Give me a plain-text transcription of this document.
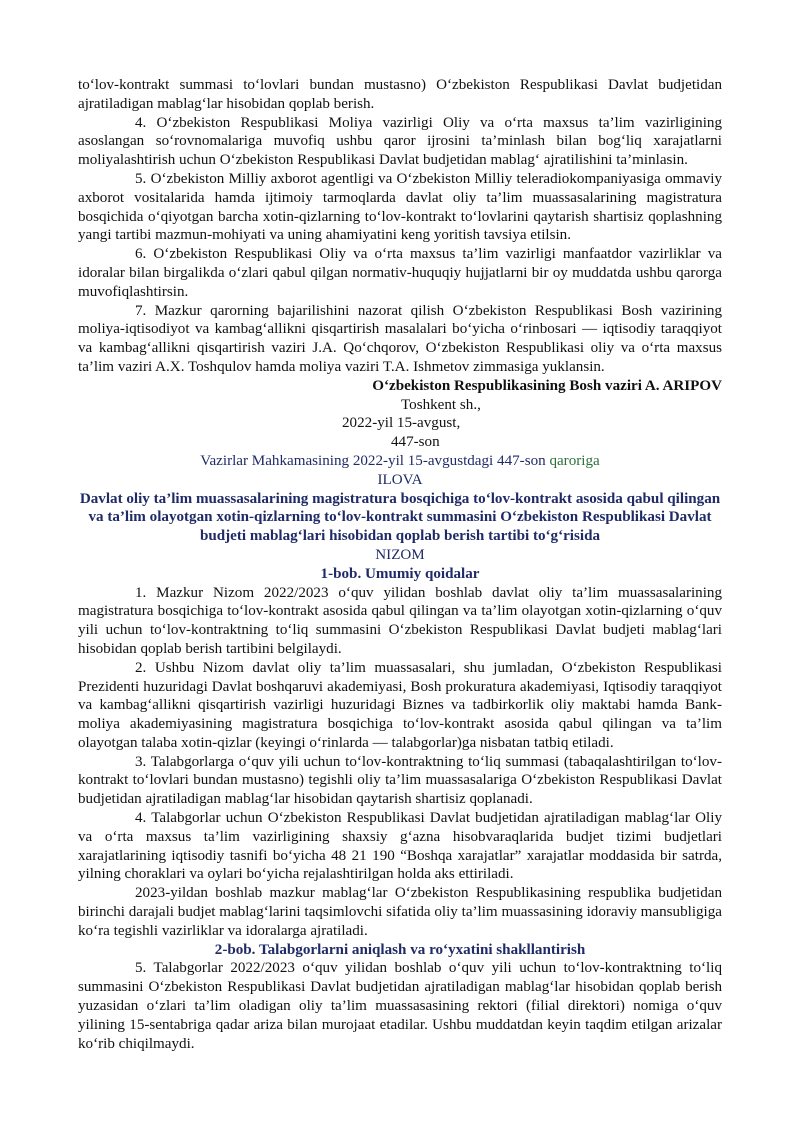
to‘lov-kontrakt summasi to‘lovlari bundan mustasno) O‘zbekiston Respublikasi Davlat budjetidan ajratiladigan mablag‘lar hisobidan qoplab berish.

4. O‘zbekiston Respublikasi Moliya vazirligi Oliy va o‘rta maxsus ta’lim vazirligining asoslangan so‘rovnomalariga muvofiq ushbu qaror ijrosini ta’minlash bilan bog‘liq xarajatlarni moliyalashtirish uchun O‘zbekiston Respublikasi Davlat budjetidan mablag‘ ajratilishini ta’minlasin.

5. O‘zbekiston Milliy axborot agentligi va O‘zbekiston Milliy teleradiokompaniyasiga ommaviy axborot vositalarida hamda ijtimoiy tarmoqlarda davlat oliy ta’lim muassasalarining magistratura bosqichida o‘qiyotgan barcha xotin-qizlarning to‘lov-kontrakt to‘lovlarini qaytarish shartisiz qoplashning yangi tartibi mazmun-mohiyati va uning ahamiyatini keng yoritish tavsiya etilsin.

6. O‘zbekiston Respublikasi Oliy va o‘rta maxsus ta’lim vazirligi manfaatdor vazirliklar va idoralar bilan birgalikda o‘zlari qabul qilgan normativ-huquqiy hujjatlarni bir oy muddatda ushbu qarorga muvofiqlashtirsin.

7. Mazkur qarorning bajarilishini nazorat qilish O‘zbekiston Respublikasi Bosh vazirining moliya-iqtisodiyot va kambag‘allikni qisqartirish masalalari bo‘yicha o‘rinbosari — iqtisodiy taraqqiyot va kambag‘allikni qisqartirish vaziri J.A. Qo‘chqorov, O‘zbekiston Respublikasi oliy va o‘rta maxsus ta’lim vaziri A.X. Toshqulov hamda moliya vaziri T.A. Ishmetov zimmasiga yuklansin.

O‘zbekiston Respublikasining Bosh vaziri A. ARIPOV

Toshkent sh.,

2022-yil 15-avgust,

447-son

Vazirlar Mahkamasining 2022-yil 15-avgustdagi 447-son qaroriga

ILOVA

Davlat oliy ta’lim muassasalarining magistratura bosqichiga to‘lov-kontrakt asosida qabul qilingan va ta’lim olayotgan xotin-qizlarning to‘lov-kontrakt summasini O‘zbekiston Respublikasi Davlat budjeti mablag‘lari hisobidan qoplab berish tartibi to‘g‘risida

NIZOM

1-bob. Umumiy qoidalar

1. Mazkur Nizom 2022/2023 o‘quv yilidan boshlab davlat oliy ta’lim muassasalarining magistratura bosqichiga to‘lov-kontrakt asosida qabul qilingan va ta’lim olayotgan xotin-qizlarning o‘quv yili uchun to‘lov-kontraktning to‘liq summasini O‘zbekiston Respublikasi Davlat budjeti mablag‘lari hisobidan qoplab berish tartibini belgilaydi.

2. Ushbu Nizom davlat oliy ta’lim muassasalari, shu jumladan, O‘zbekiston Respublikasi Prezidenti huzuridagi Davlat boshqaruvi akademiyasi, Bosh prokuratura akademiyasi, Iqtisodiy taraqqiyot va kambag‘allikni qisqartirish vazirligi huzuridagi Biznes va tadbirkorlik oliy maktabi hamda Bank-moliya akademiyasining magistratura bosqichiga to‘lov-kontrakt asosida qabul qilingan va ta’lim olayotgan talaba xotin-qizlar (keyingi o‘rinlarda — talabgorlar)ga nisbatan tatbiq etiladi.

3. Talabgorlarga o‘quv yili uchun to‘lov-kontraktning to‘liq summasi (tabaqalashtirilgan to‘lov-kontrakt to‘lovlari bundan mustasno) tegishli oliy ta’lim muassasalariga O‘zbekiston Respublikasi Davlat budjetidan ajratiladigan mablag‘lar hisobidan qaytarish shartisiz qoplanadi.

4. Talabgorlar uchun O‘zbekiston Respublikasi Davlat budjetidan ajratiladigan mablag‘lar Oliy va o‘rta maxsus ta’lim vazirligining shaxsiy g‘azna hisobvaraqlarida budjet tizimi budjetlari xarajatlarining iqtisodiy tasnifi bo‘yicha 48 21 190 “Boshqa xarajatlar” xarajatlar moddasida bir satrda, yilning choraklari va oylari bo‘yicha rejalashtirilgan holda aks ettiriladi.

2023-yildan boshlab mazkur mablag‘lar O‘zbekiston Respublikasining respublika budjetidan birinchi darajali budjet mablag‘larini taqsimlovchi sifatida oliy ta’lim muassasining idoraviy mansubligiga ko‘ra tegishli vazirliklar va idoralarga ajratiladi.

2-bob. Talabgorlarni aniqlash va ro‘yxatini shakllantirish

5. Talabgorlar 2022/2023 o‘quv yilidan boshlab o‘quv yili uchun to‘lov-kontraktning to‘liq summasini O‘zbekiston Respublikasi Davlat budjetidan ajratiladigan mablag‘lar hisobidan qoplab berish yuzasidan o‘zlari ta’lim oladigan oliy ta’lim muassasasining rektori (filial direktori) nomiga o‘quv yilining 15-sentabriga qadar ariza bilan murojaat etadilar. Ushbu muddatdan keyin taqdim etilgan arizalar ko‘rib chiqilmaydi.
